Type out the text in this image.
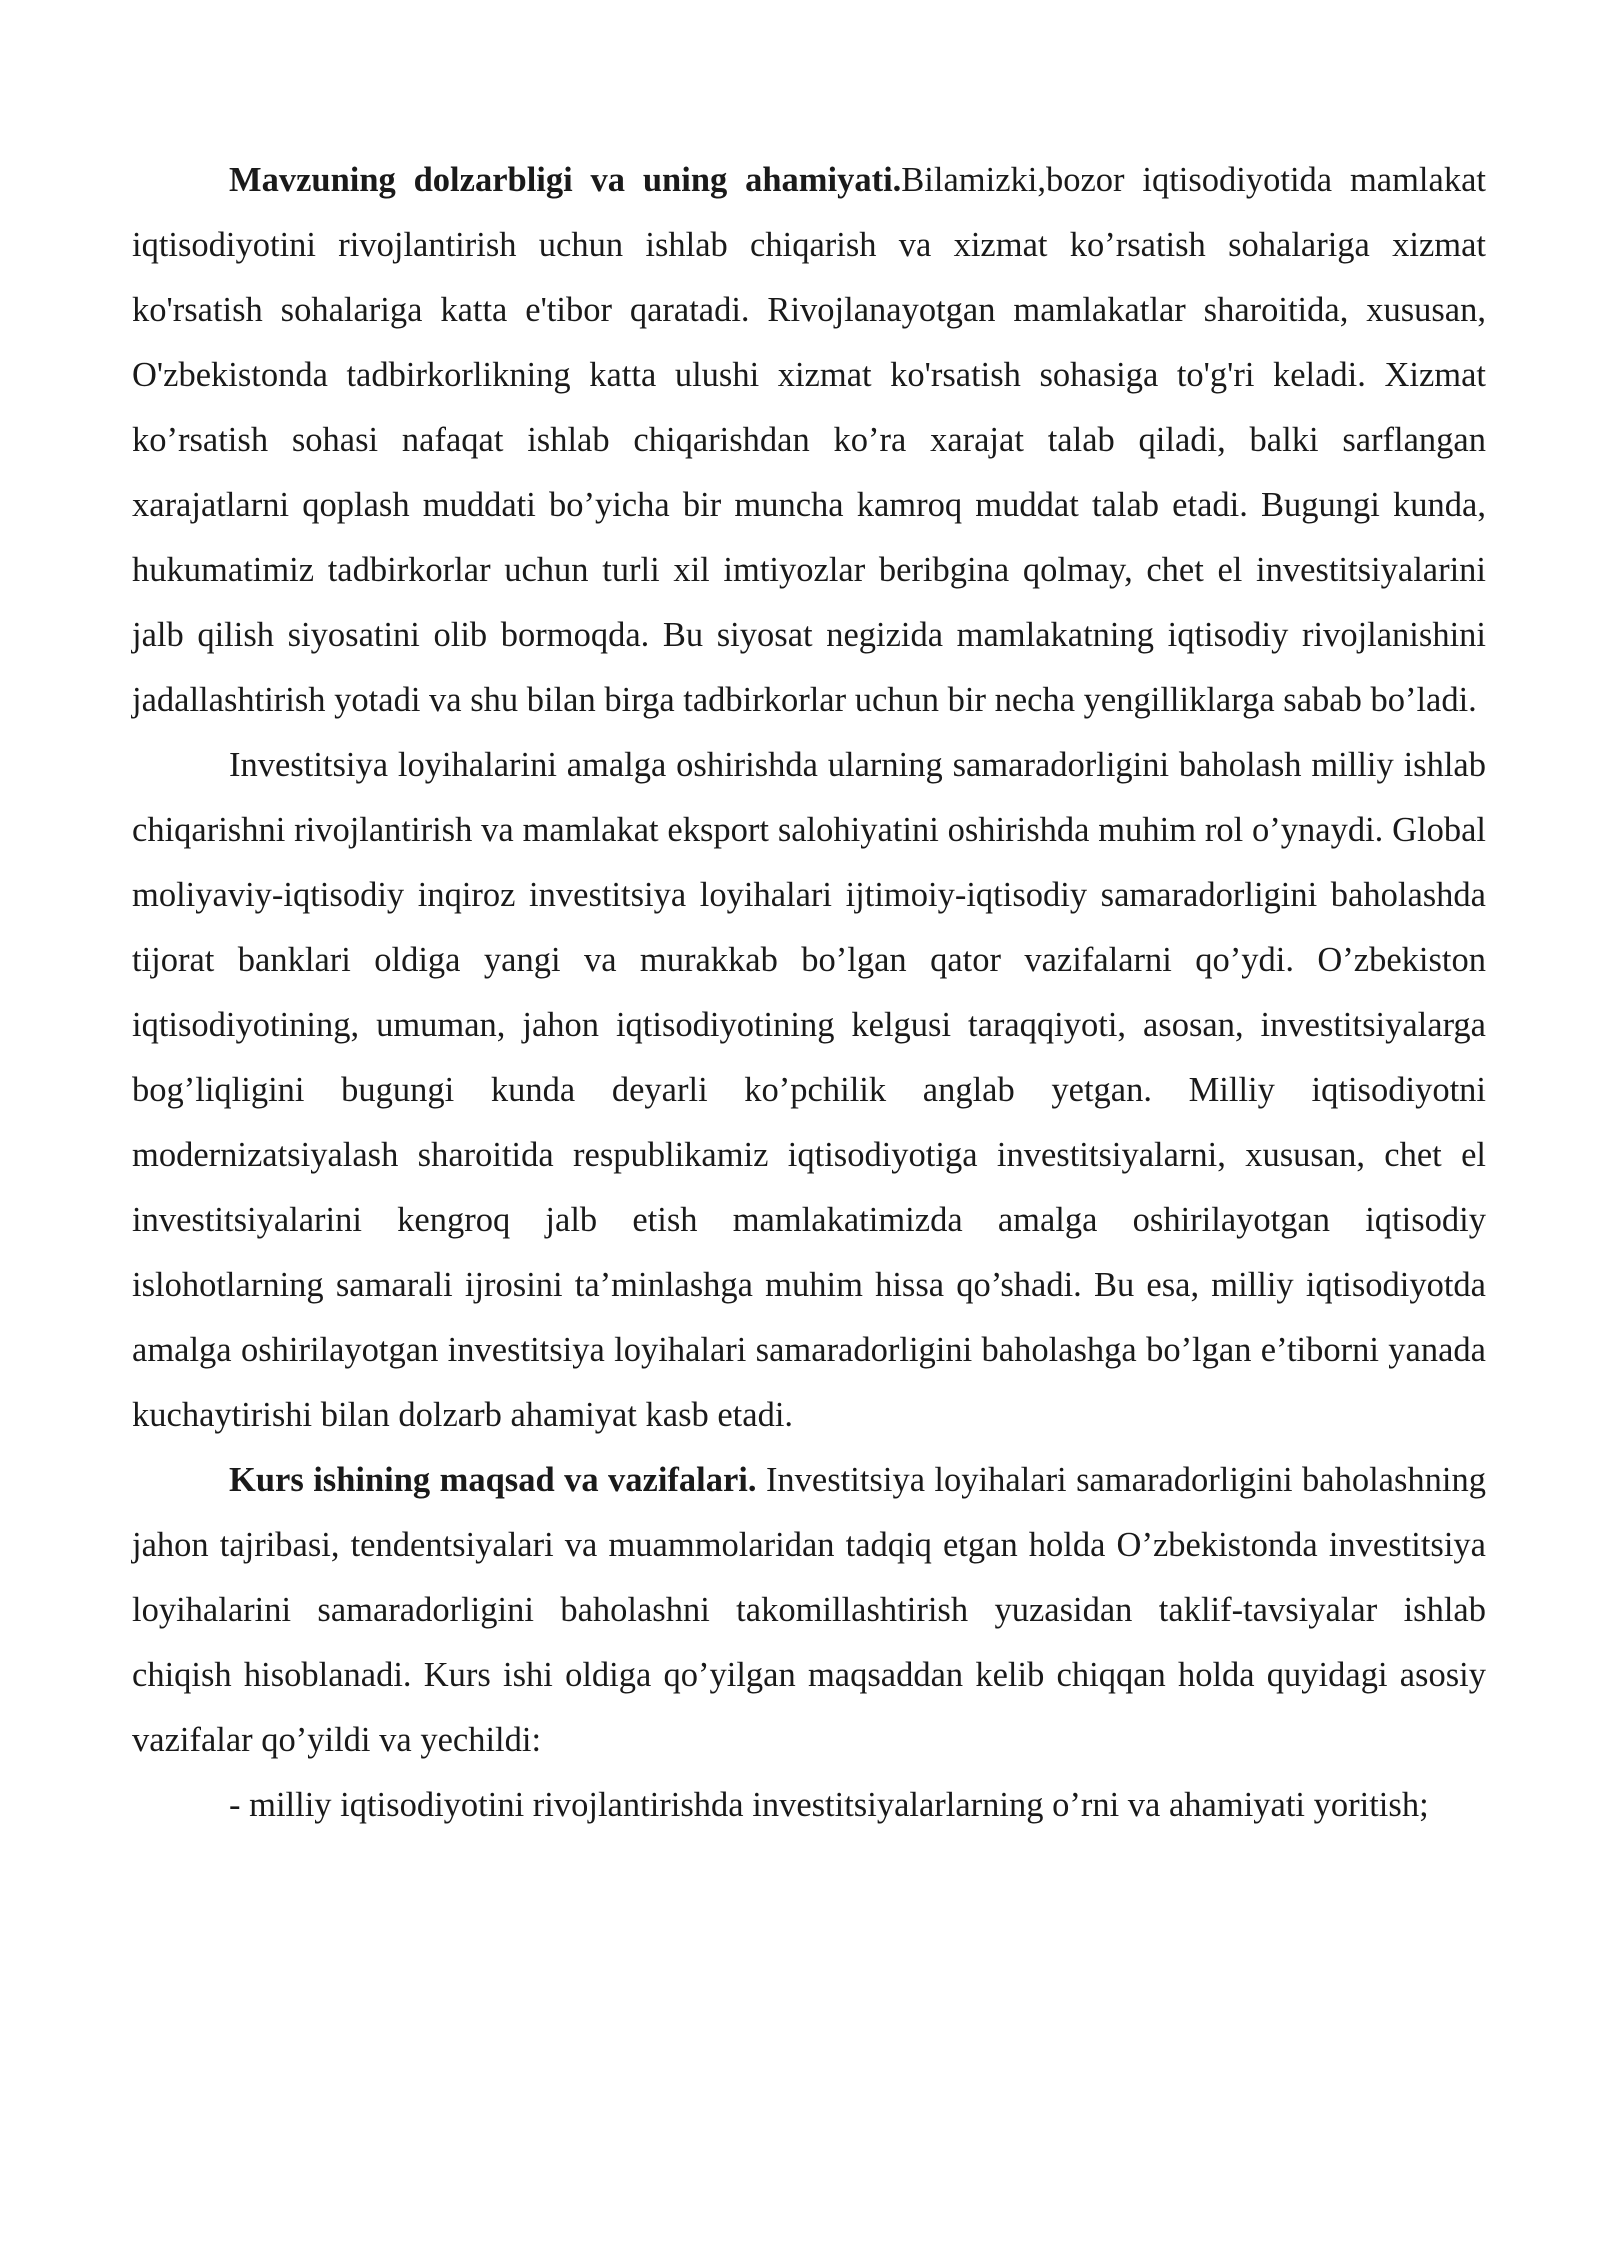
Mavzuning dolzarbligi va uning ahamiyati.Bilamizki,bozor iqtisodiyotida mamlakat iqtisodiyotini rivojlantirish uchun ishlab chiqarish va xizmat ko’rsatish sohalariga xizmat ko'rsatish sohalariga katta e'tibor qaratadi. Rivojlanayotgan mamlakatlar sharoitida, xususan, O'zbekistonda tadbirkorlikning katta ulushi xizmat ko'rsatish sohasiga to'g'ri keladi. Xizmat ko’rsatish sohasi nafaqat ishlab chiqarishdan ko’ra xarajat talab qiladi, balki sarflangan xarajatlarni qoplash muddati bo’yicha bir muncha kamroq muddat talab etadi. Bugungi kunda, hukumatimiz tadbirkorlar uchun turli xil imtiyozlar beribgina qolmay, chet el investitsiyalarini jalb qilish siyosatini olib bormoqda. Bu siyosat negizida mamlakatning iqtisodiy rivojlanishini jadallashtirish yotadi va shu bilan birga tadbirkorlar uchun bir necha yengilliklarga sabab bo’ladi.

Investitsiya loyihalarini amalga oshirishda ularning samaradorligini baholash milliy ishlab chiqarishni rivojlantirish va mamlakat eksport salohiyatini oshirishda muhim rol o’ynaydi. Global moliyaviy-iqtisodiy inqiroz investitsiya loyihalari ijtimoiy-iqtisodiy samaradorligini baholashda tijorat banklari oldiga yangi va murakkab bo’lgan qator vazifalarni qo’ydi. O’zbekiston iqtisodiyotining, umuman, jahon iqtisodiyotining kelgusi taraqqiyoti, asosan, investitsiyalarga bog’liqligini bugungi kunda deyarli ko’pchilik anglab yetgan. Milliy iqtisodiyotni modernizatsiyalash sharoitida respublikamiz iqtisodiyotiga investitsiyalarni, xususan, chet el investitsiyalarini kengroq jalb etish mamlakatimizda amalga oshirilayotgan iqtisodiy islohotlarning samarali ijrosini ta’minlashga muhim hissa qo’shadi. Bu esa, milliy iqtisodiyotda amalga oshirilayotgan investitsiya loyihalari samaradorligini baholashga bo’lgan e’tiborni yanada kuchaytirishi bilan dolzarb ahamiyat kasb etadi.

Kurs ishining maqsad va vazifalari. Investitsiya loyihalari samaradorligini baholashning jahon tajribasi, tendentsiyalari va muammolaridan tadqiq etgan holda O’zbekistonda investitsiya loyihalarini samaradorligini baholashni takomillashtirish yuzasidan taklif-tavsiyalar ishlab chiqish hisoblanadi. Kurs ishi oldiga qo’yilgan maqsaddan kelib chiqqan holda quyidagi asosiy vazifalar qo’yildi va yechildi:

- milliy iqtisodiyotini rivojlantirishda investitsiyalarlarning o’rni va ahamiyati yoritish;
